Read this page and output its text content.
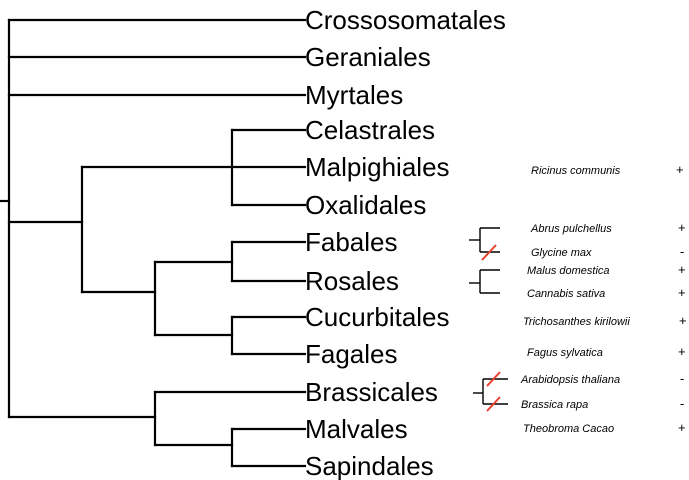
Crossosomatales
Geraniales
Myrtales
Celastrales
Malpighiales
Oxalidales
Fabales
Rosales
Cucurbitales
Fagales
Brassicales
Malvales
Sapindales
Ricinus communis	+
Abrus pulchellus	+
Glycine max	-
Malus domestica	+
Cannabis sativa	+
Trichosanthes kirilowii	+
Fagus sylvatica	+
Arabidopsis thaliana	-
Brassica rapa	-
Theobroma Cacao	+
